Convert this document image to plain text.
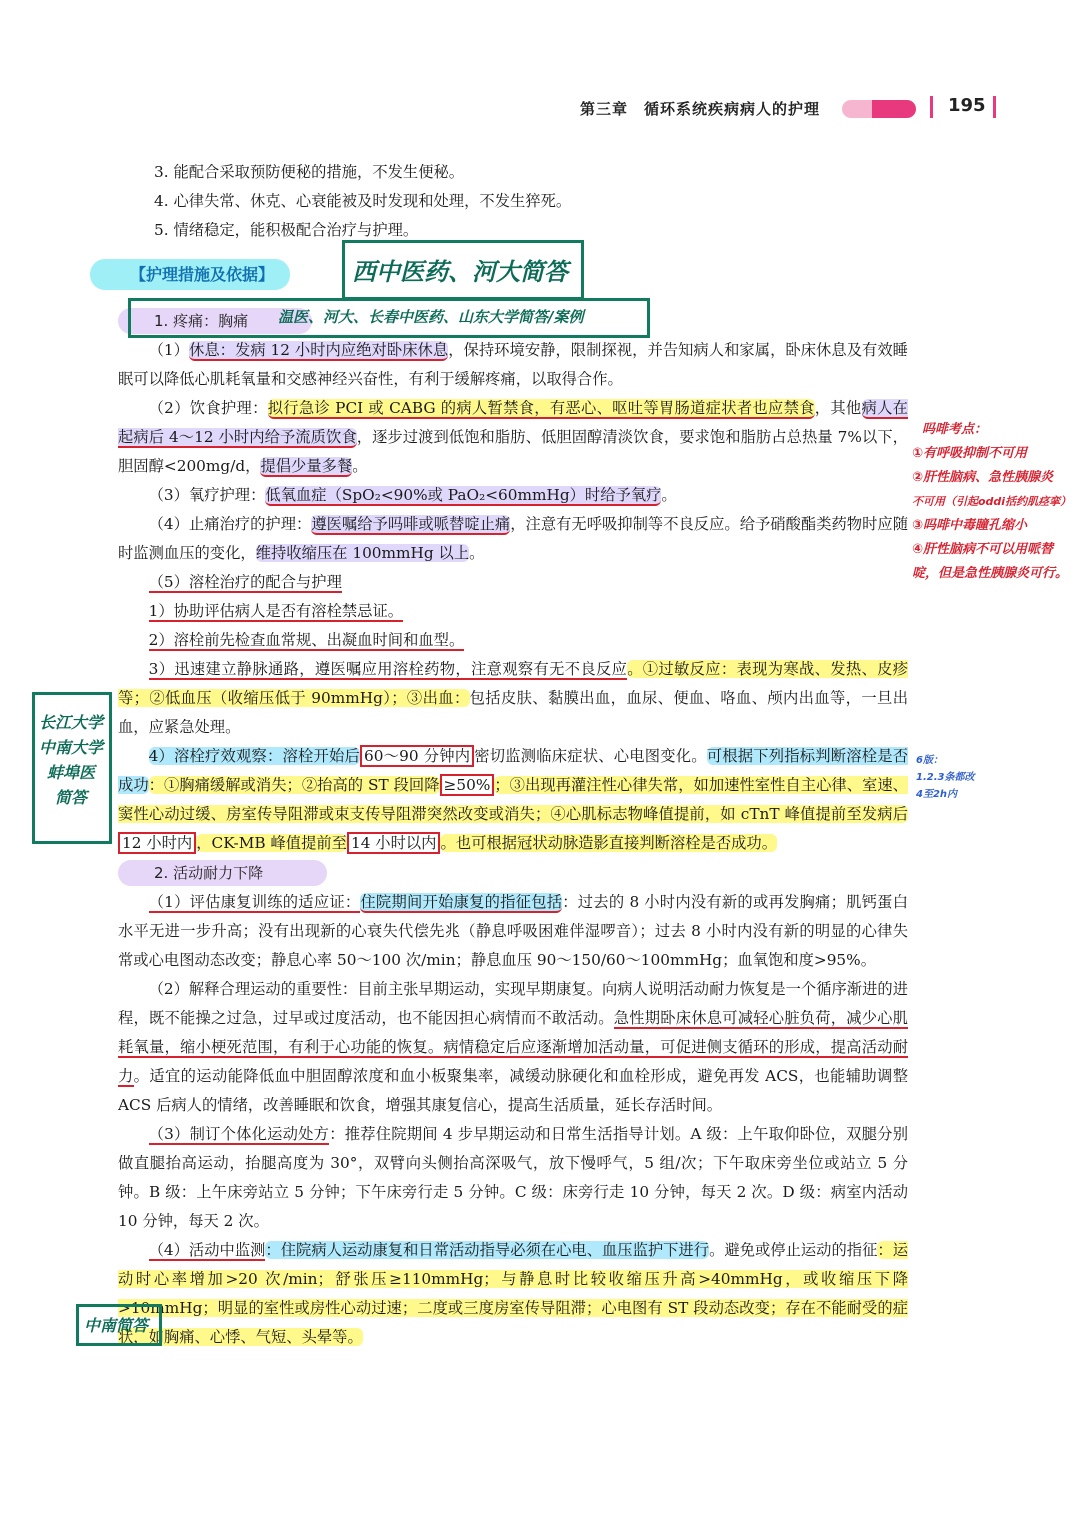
第三章　循环系统疾病病人的护理	195

3. 能配合采取预防便秘的措施，不发生便秘。

4. 心律失常、休克、心衰能被及时发现和处理，不发生猝死。

5. 情绪稳定，能积极配合治疗与护理。

【护理措施及依据】
1. 疼痛：胸痛

（1）休息：发病 12 小时内应绝对卧床休息，保持环境安静，限制探视，并告知病人和家属，卧床休息及有效睡眠可以降低心肌耗氧量和交感神经兴奋性，有利于缓解疼痛，以取得合作。

（2）饮食护理：拟行急诊 PCI 或 CABG 的病人暂禁食，有恶心、呕吐等胃肠道症状者也应禁食，其他病人在起病后 4～12 小时内给予流质饮食，逐步过渡到低饱和脂肪、低胆固醇清淡饮食，要求饱和脂肪占总热量 7%以下，胆固醇<200mg/d，提倡少量多餐。

（3）氧疗护理：低氧血症（SpO₂<90%或 PaO₂<60mmHg）时给予氧疗。

（4）止痛治疗的护理：遵医嘱给予吗啡或哌替啶止痛，注意有无呼吸抑制等不良反应。给予硝酸酯类药物时应随时监测血压的变化，维持收缩压在 100mmHg 以上。

（5）溶栓治疗的配合与护理

1）协助评估病人是否有溶栓禁忌证。

2）溶栓前先检查血常规、出凝血时间和血型。

3）迅速建立静脉通路，遵医嘱应用溶栓药物，注意观察有无不良反应。①过敏反应：表现为寒战、发热、皮疹等；②低血压（收缩压低于 90mmHg）；③出血：包括皮肤、黏膜出血，血尿、便血、咯血、颅内出血等，一旦出血，应紧急处理。

4）溶栓疗效观察：溶栓开始后 60～90 分钟内 密切监测临床症状、心电图变化。可根据下列指标判断溶栓是否成功：①胸痛缓解或消失；②抬高的 ST 段回降 ≥50% ；③出现再灌注性心律失常，如加速性室性自主心律、室速、窦性心动过缓、房室传导阻滞或束支传导阻滞突然改变或消失；④心肌标志物峰值提前，如 cTnT 峰值提前至发病后12 小时内 ，CK-MB 峰值提前至 14 小时以内 。也可根据冠状动脉造影直接判断溶栓是否成功。

2. 活动耐力下降

（1）评估康复训练的适应证：住院期间开始康复的指征包括：过去的 8 小时内没有新的或再发胸痛；肌钙蛋白水平无进一步升高；没有出现新的心衰失代偿先兆（静息呼吸困难伴湿啰音）；过去 8 小时内没有新的明显的心律失常或心电图动态改变；静息心率 50～100 次/min；静息血压 90～150/60～100mmHg；血氧饱和度>95%。

（2）解释合理运动的重要性：目前主张早期运动，实现早期康复。向病人说明活动耐力恢复是一个循序渐进的进程，既不能操之过急，过早或过度活动，也不能因担心病情而不敢活动。急性期卧床休息可减轻心脏负荷，减少心肌耗氧量，缩小梗死范围，有利于心功能的恢复。病情稳定后应逐渐增加活动量，可促进侧支循环的形成，提高活动耐力。适宜的运动能降低血中胆固醇浓度和血小板聚集率，减缓动脉硬化和血栓形成，避免再发 ACS，也能辅助调整 ACS 后病人的情绪，改善睡眠和饮食，增强其康复信心，提高生活质量，延长存活时间。

（3）制订个体化运动处方：推荐住院期间 4 步早期运动和日常生活指导计划。A 级：上午取仰卧位，双腿分别做直腿抬高运动，抬腿高度为 30°，双臂向头侧抬高深吸气，放下慢呼气，5 组/次；下午取床旁坐位或站立 5 分钟。B 级：上午床旁站立 5 分钟；下午床旁行走 5 分钟。C 级：床旁行走 10 分钟，每天 2 次。D 级：病室内活动 10 分钟，每天 2 次。

（4）活动中监测：住院病人运动康复和日常活动指导必须在心电、血压监护下进行。避免或停止运动的指征：运动时心率增加>20 次/min；舒张压≥110mmHg；与静息时比较收缩压升高>40mmHg，或收缩压下降>10mmHg；明显的室性或房性心动过速；二度或三度房室传导阻滞；心电图有 ST 段动态改变；存在不能耐受的症状，如胸痛、心悸、气短、头晕等。

西中医药、河大简答
温医、河大、长春中医药、山东大学简答/案例
长江大学
中南大学
蚌埠医
简答
中南简答
吗啡考点：
①有呼吸抑制不可用
②肝性脑病、急性胰腺炎
不可用（引起oddi括约肌痉挛）
③吗啡中毒瞳孔缩小
④肝性脑病不可以用哌替
啶，但是急性胰腺炎可行。
6版：
1.2.3条都改
4至2h内
